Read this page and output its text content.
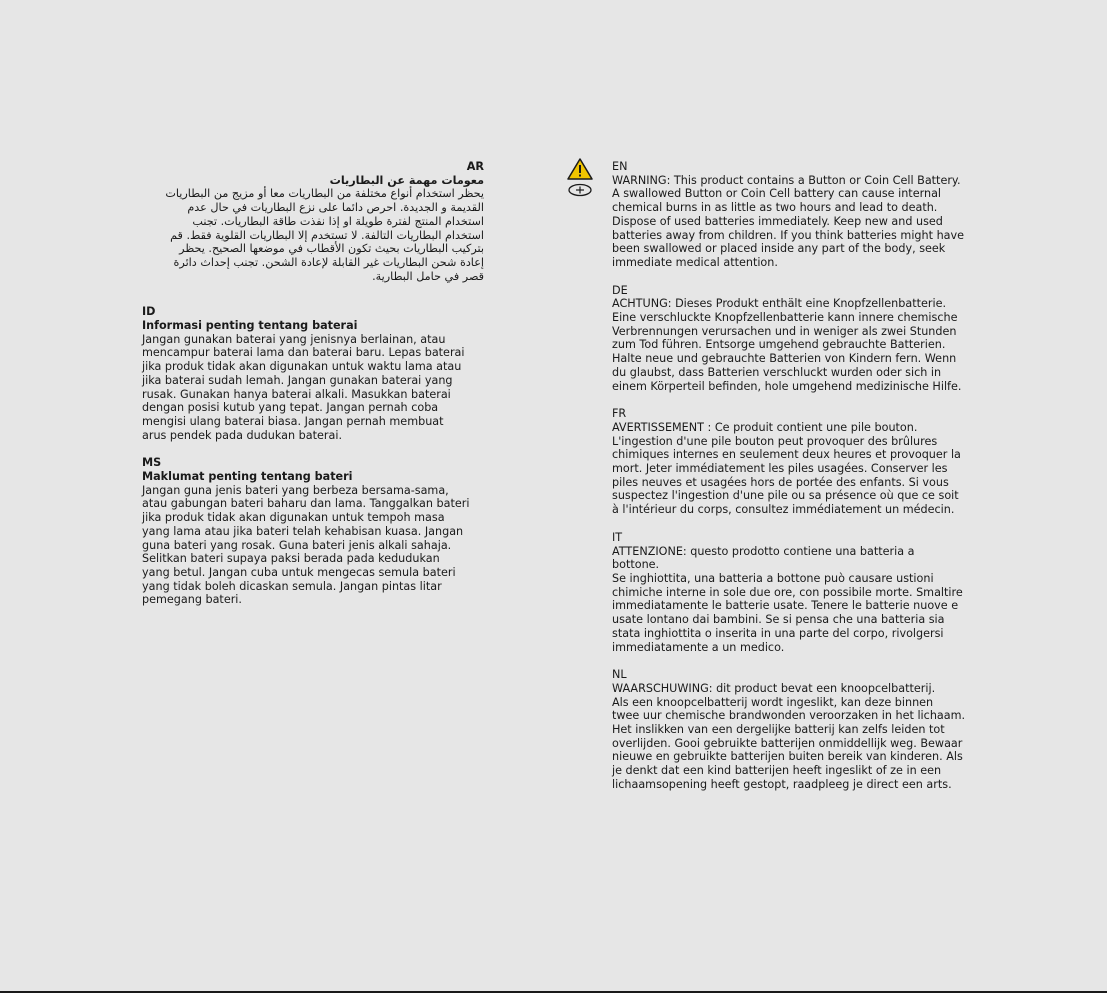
AR
معومات مهمة عن البطاريات
يحظر استخدام أنواع مختلفة من البطاريات معا أو مزيج من البطاريات
القديمة و الجديدة. احرص دائما على نزع البطاريات في حال عدم
استخدام المنتج لفترة طويلة او إذا نفذت طاقة البطاريات. تجنب
استخدام البطاريات التالفة. لا تستخدم إلا البطاريات القلوية فقط. قم
بتركيب البطاريات بحيث تكون الأقطاب في موضعها الصحيح. يحظر
إعادة شحن البطاريات غير القابلة لإعادة الشحن. تجنب إحداث دائرة
قصر في حامل البطارية.
ID
Informasi penting tentang baterai
Jangan gunakan baterai yang jenisnya berlainan, atau
mencampur baterai lama dan baterai baru. Lepas baterai
jika produk tidak akan digunakan untuk waktu lama atau
jika baterai sudah lemah. Jangan gunakan baterai yang
rusak. Gunakan hanya baterai alkali. Masukkan baterai
dengan posisi kutub yang tepat. Jangan pernah coba
mengisi ulang baterai biasa. Jangan pernah membuat
arus pendek pada dudukan baterai.
MS
Maklumat penting tentang bateri
Jangan guna jenis bateri yang berbeza bersama-sama,
atau gabungan bateri baharu dan lama. Tanggalkan bateri
jika produk tidak akan digunakan untuk tempoh masa
yang lama atau jika bateri telah kehabisan kuasa. Jangan
guna bateri yang rosak. Guna bateri jenis alkali sahaja.
Selitkan bateri supaya paksi berada pada kedudukan
yang betul. Jangan cuba untuk mengecas semula bateri
yang tidak boleh dicaskan semula. Jangan pintas litar
pemegang bateri.
EN
WARNING: This product contains a Button or Coin Cell Battery.
A swallowed Button or Coin Cell battery can cause internal
chemical burns in as little as two hours and lead to death.
Dispose of used batteries immediately. Keep new and used
batteries away from children. If you think batteries might have
been swallowed or placed inside any part of the body, seek
immediate medical attention.
DE
ACHTUNG: Dieses Produkt enthält eine Knopfzellenbatterie.
Eine verschluckte Knopfzellenbatterie kann innere chemische
Verbrennungen verursachen und in weniger als zwei Stunden
zum Tod führen. Entsorge umgehend gebrauchte Batterien.
Halte neue und gebrauchte Batterien von Kindern fern. Wenn
du glaubst, dass Batterien verschluckt wurden oder sich in
einem Körperteil befinden, hole umgehend medizinische Hilfe.
FR
AVERTISSEMENT : Ce produit contient une pile bouton.
L'ingestion d'une pile bouton peut provoquer des brûlures
chimiques internes en seulement deux heures et provoquer la
mort. Jeter immédiatement les piles usagées. Conserver les
piles neuves et usagées hors de portée des enfants. Si vous
suspectez l'ingestion d'une pile ou sa présence où que ce soit
à l'intérieur du corps, consultez immédiatement un médecin.
IT
ATTENZIONE: questo prodotto contiene una batteria a
bottone.
Se inghiottita, una batteria a bottone può causare ustioni
chimiche interne in sole due ore, con possibile morte. Smaltire
immediatamente le batterie usate. Tenere le batterie nuove e
usate lontano dai bambini. Se si pensa che una batteria sia
stata inghiottita o inserita in una parte del corpo, rivolgersi
immediatamente a un medico.
NL
WAARSCHUWING: dit product bevat een knoopcelbatterij.
Als een knoopcelbatterij wordt ingeslikt, kan deze binnen
twee uur chemische brandwonden veroorzaken in het lichaam.
Het inslikken van een dergelijke batterij kan zelfs leiden tot
overlijden. Gooi gebruikte batterijen onmiddellijk weg. Bewaar
nieuwe en gebruikte batterijen buiten bereik van kinderen. Als
je denkt dat een kind batterijen heeft ingeslikt of ze in een
lichaamsopening heeft gestopt, raadpleeg je direct een arts.
